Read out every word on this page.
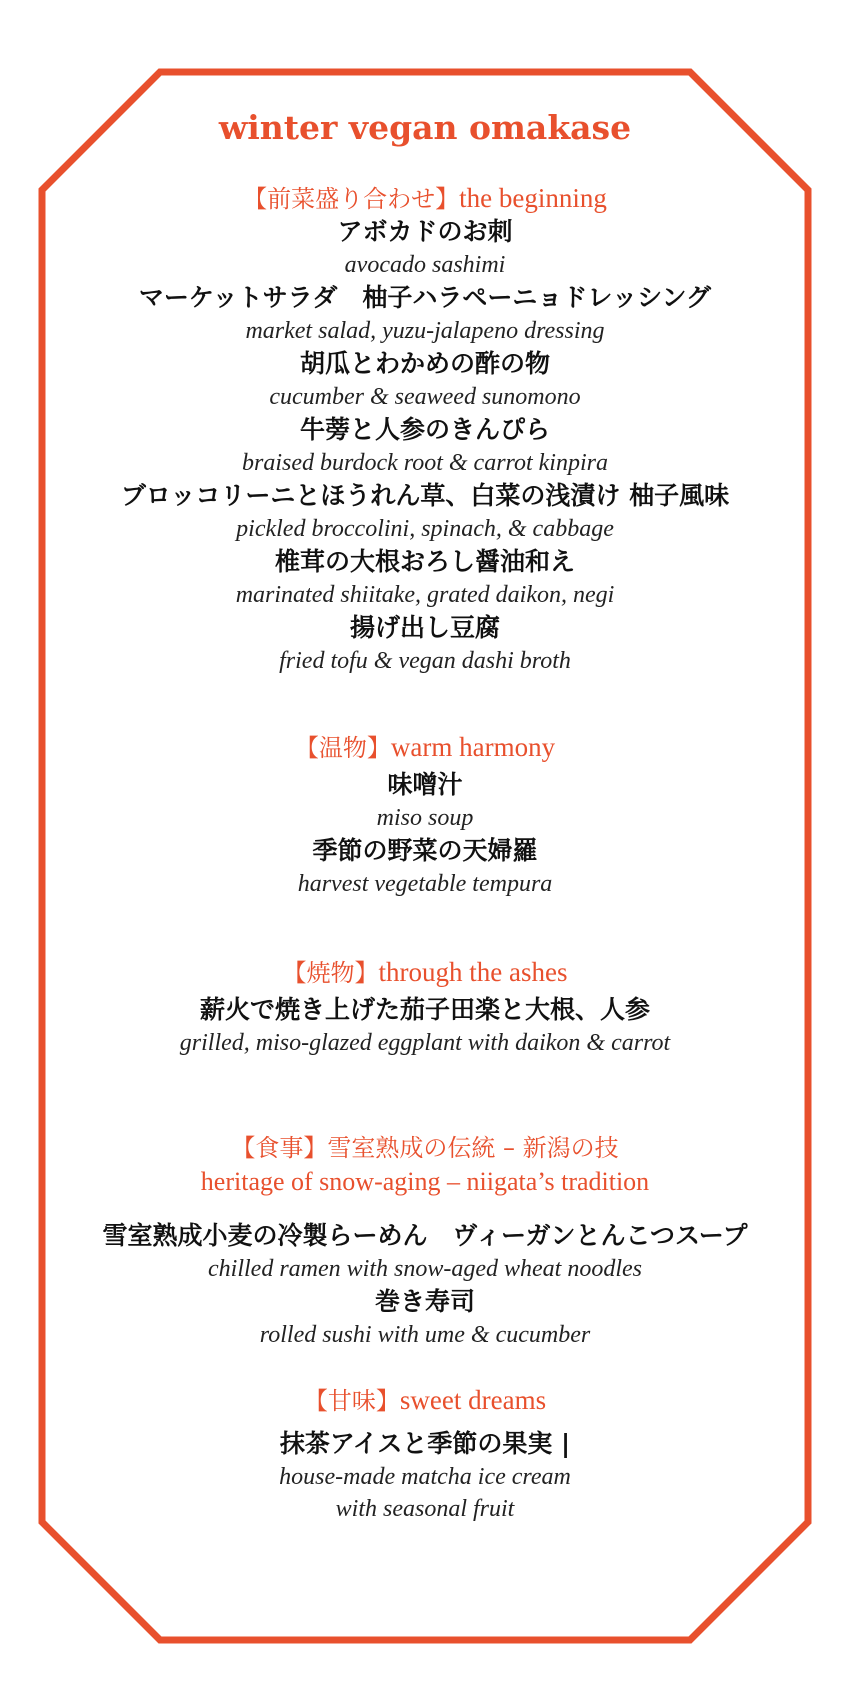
winter vegan omakase
【前菜盛り合わせ】the beginning
アボカドのお刺
avocado sashimi
マーケットサラダ　柚子ハラペーニョドレッシング
market salad, yuzu-jalapeno dressing
胡瓜とわかめの酢の物
cucumber & seaweed sunomono
牛蒡と人参のきんぴら
braised burdock root & carrot kinpira
ブロッコリーニとほうれん草、白菜の浅漬け 柚子風味
pickled broccolini, spinach, & cabbage
椎茸の大根おろし醤油和え
marinated shiitake, grated daikon, negi
揚げ出し豆腐
fried tofu & vegan dashi broth
【温物】warm harmony
味噌汁
miso soup
季節の野菜の天婦羅
harvest vegetable tempura
【焼物】through the ashes
薪火で焼き上げた茄子田楽と大根、人参
grilled, miso-glazed eggplant with daikon & carrot
【食事】雪室熟成の伝統 – 新潟の技
heritage of snow-aging – niigata’s tradition
雪室熟成小麦の冷製らーめん　ヴィーガンとんこつスープ
chilled ramen with snow-aged wheat noodles
巻き寿司
rolled sushi with ume & cucumber
【甘味】sweet dreams
抹茶アイスと季節の果実 |
house-made matcha ice cream
with seasonal fruit
